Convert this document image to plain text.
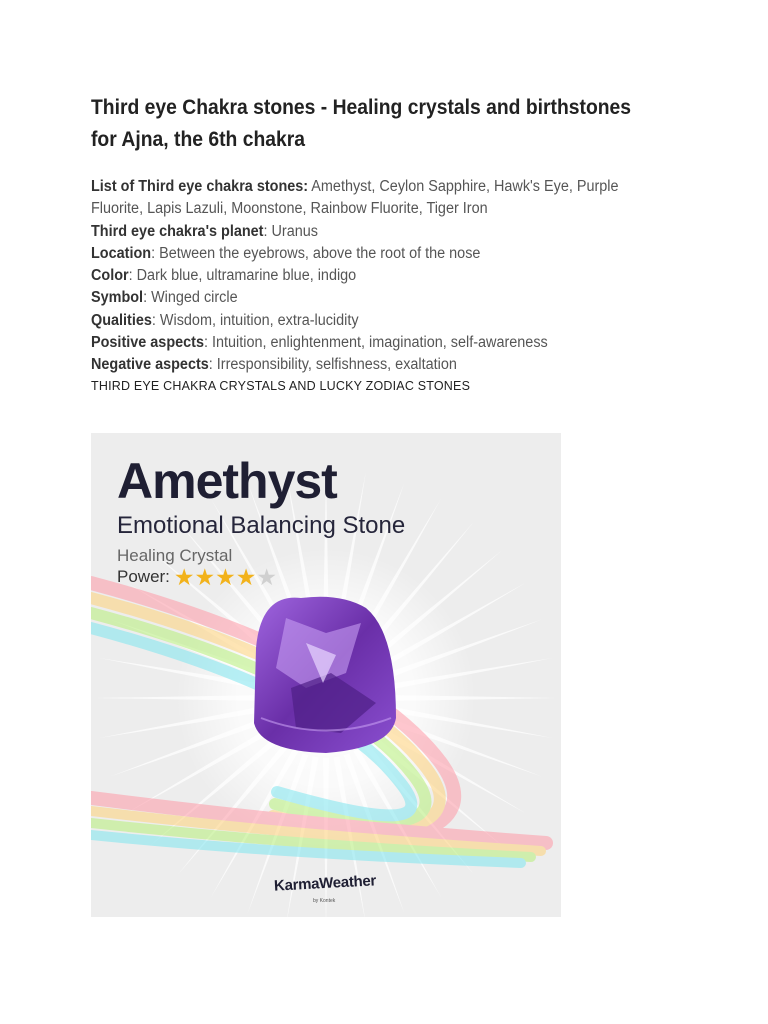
Third eye Chakra stones - Healing crystals and birthstones for Ajna, the 6th chakra
List of Third eye chakra stones: Amethyst, Ceylon Sapphire, Hawk's Eye, Purple Fluorite, Lapis Lazuli, Moonstone, Rainbow Fluorite, Tiger Iron
Third eye chakra's planet: Uranus
Location: Between the eyebrows, above the root of the nose
Color: Dark blue, ultramarine blue, indigo
Symbol: Winged circle
Qualities: Wisdom, intuition, extra-lucidity
Positive aspects: Intuition, enlightenment, imagination, self-awareness
Negative aspects: Irresponsibility, selfishness, exaltation
THIRD EYE CHAKRA CRYSTALS AND LUCKY ZODIAC STONES
Amethyst
Emotional Balancing Stone
Healing Crystal
Power: ★ ★ ★ ★ ★
KarmaWeather
by Kontek
